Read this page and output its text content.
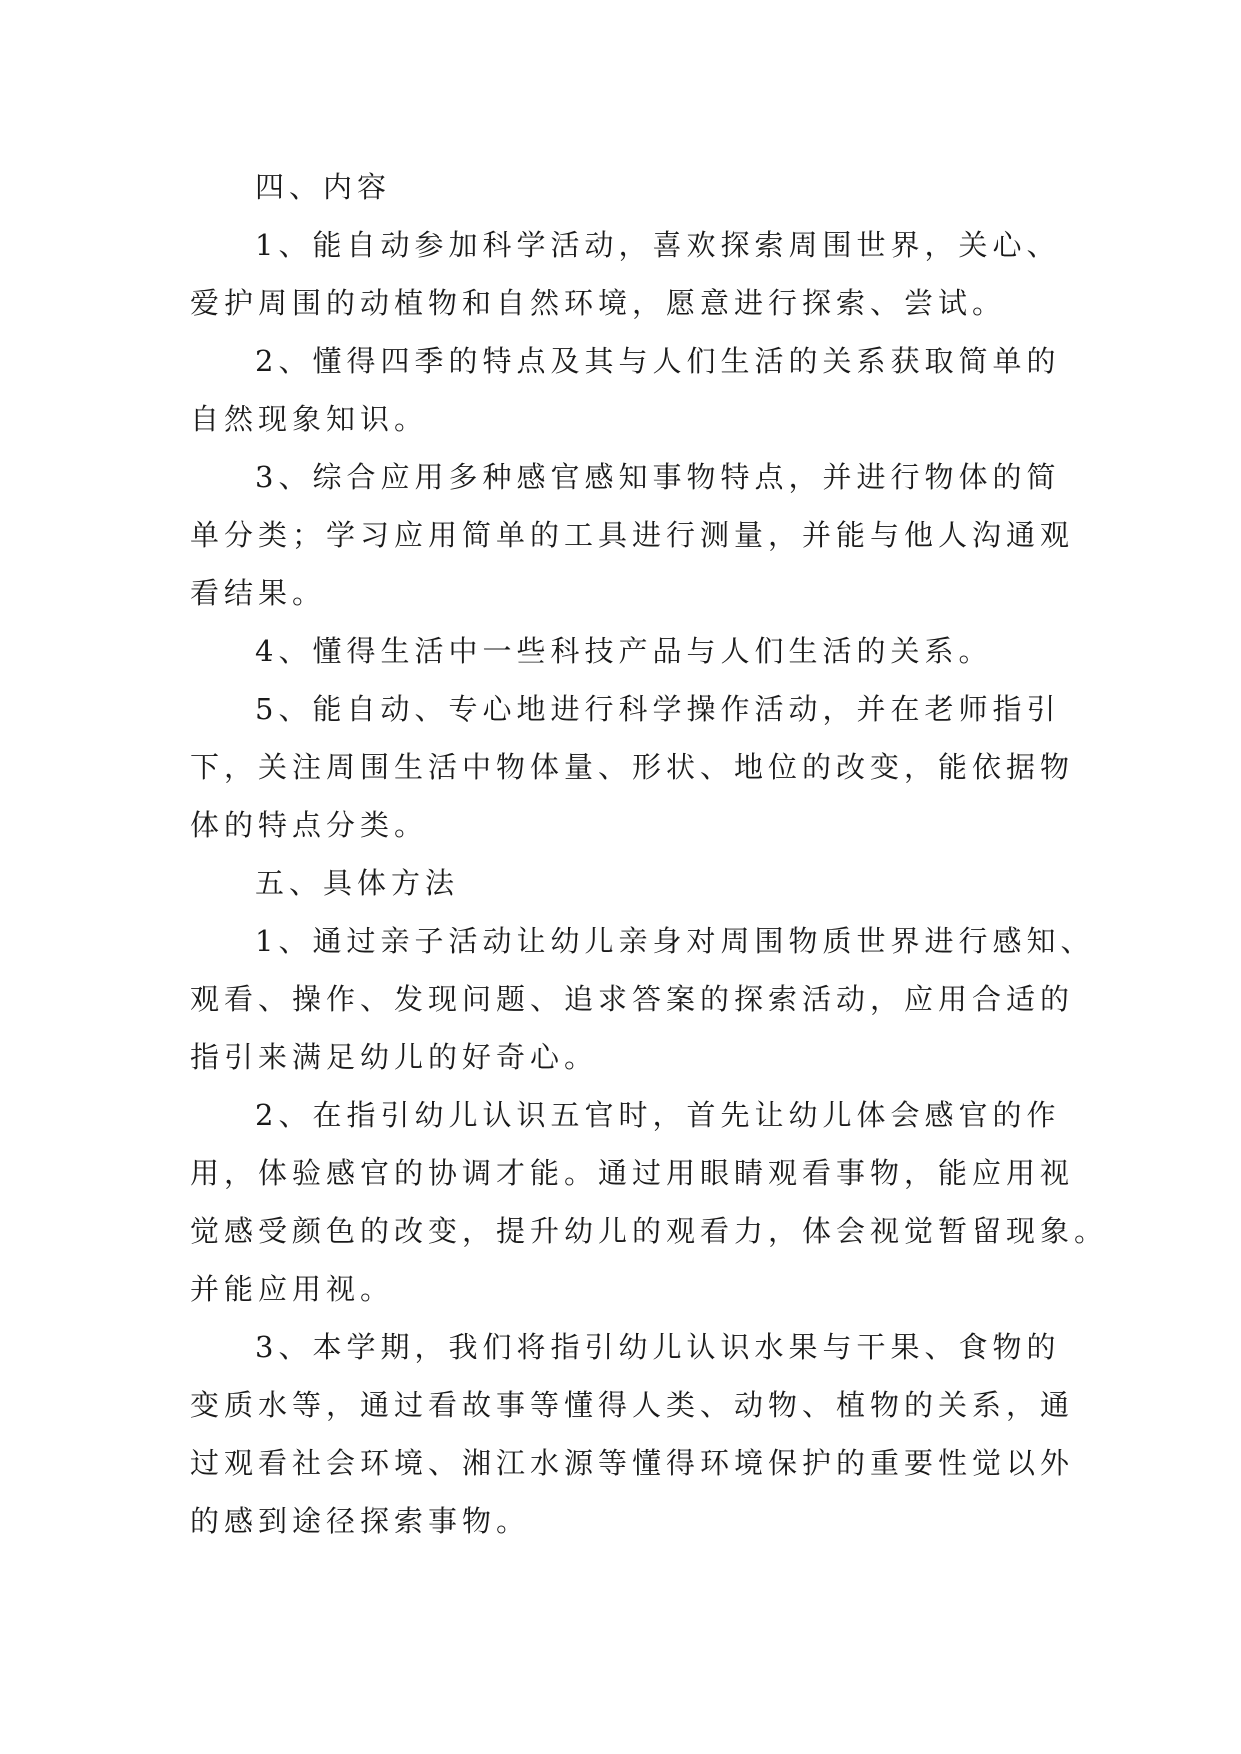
四、内容
1、能自动参加科学活动，喜欢探索周围世界，关心、
爱护周围的动植物和自然环境，愿意进行探索、尝试。
2、懂得四季的特点及其与人们生活的关系获取简单的
自然现象知识。
3、综合应用多种感官感知事物特点，并进行物体的简
单分类；学习应用简单的工具进行测量，并能与他人沟通观
看结果。
4、懂得生活中一些科技产品与人们生活的关系。
5、能自动、专心地进行科学操作活动，并在老师指引
下，关注周围生活中物体量、形状、地位的改变，能依据物
体的特点分类。
五、具体方法
1、通过亲子活动让幼儿亲身对周围物质世界进行感知、
观看、操作、发现问题、追求答案的探索活动，应用合适的
指引来满足幼儿的好奇心。
2、在指引幼儿认识五官时，首先让幼儿体会感官的作
用，体验感官的协调才能。通过用眼睛观看事物，能应用视
觉感受颜色的改变，提升幼儿的观看力，体会视觉暂留现象。
并能应用视。
3、本学期，我们将指引幼儿认识水果与干果、食物的
变质水等，通过看故事等懂得人类、动物、植物的关系，通
过观看社会环境、湘江水源等懂得环境保护的重要性觉以外
的感到途径探索事物。
